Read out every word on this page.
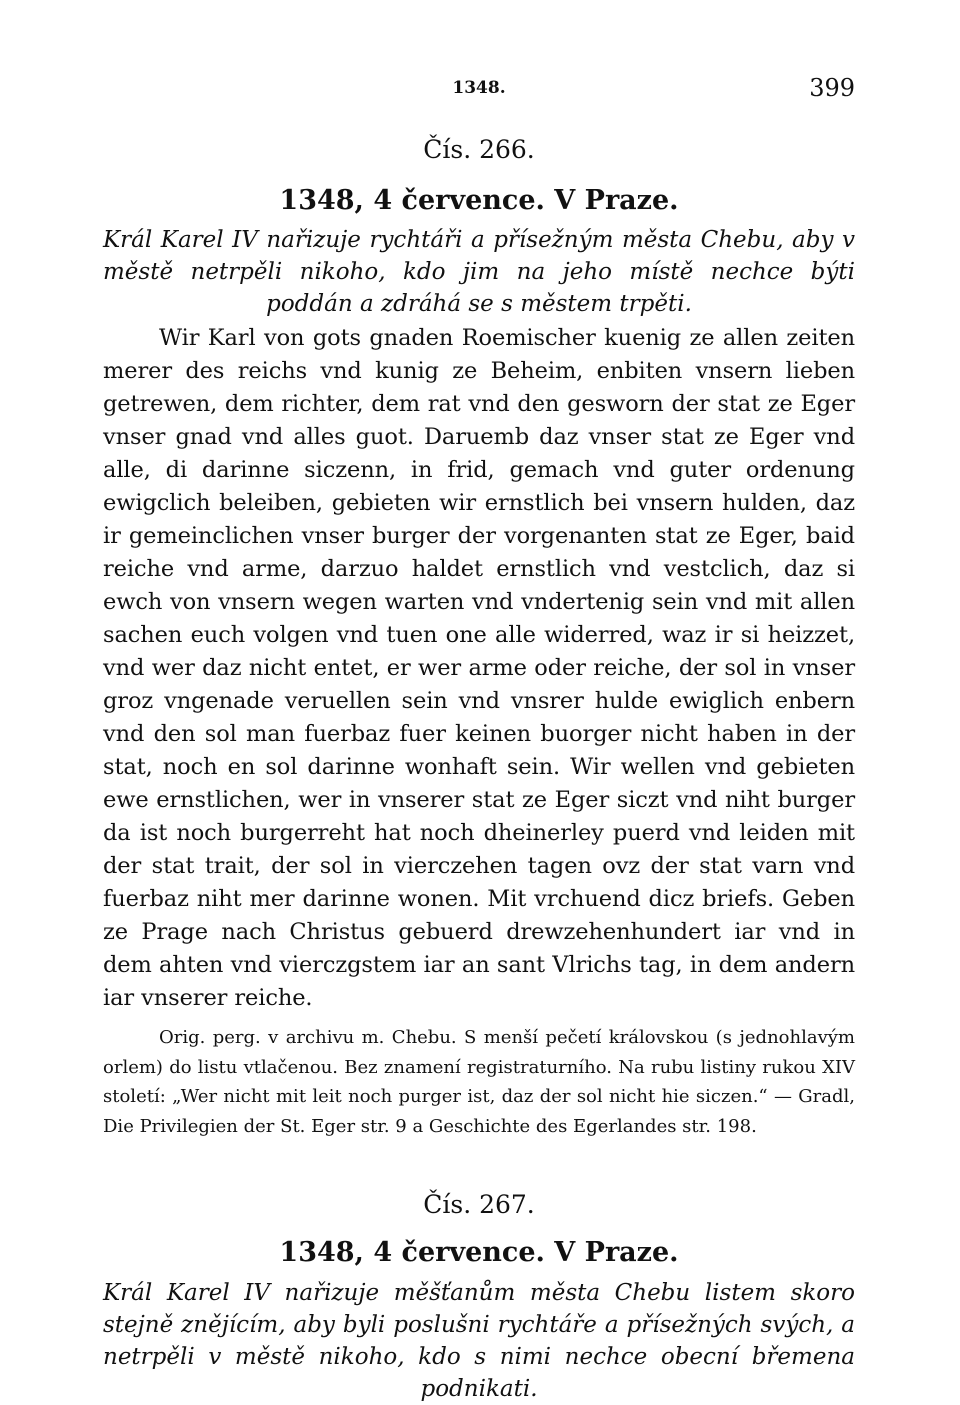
1348.	399
Čís. 266.
1348, 4 července. V Praze.

Král Karel IV nařizuje rychtáři a přísežným města Chebu, aby v městě netrpěli nikoho, kdo jim na jeho místě nechce býti poddán a zdráhá se s městem trpěti.

Wir Karl von gots gnaden Roemischer kuenig ze allen zeiten merer des reichs vnd kunig ze Beheim, enbiten vnsern lieben getrewen, dem richter, dem rat vnd den gesworn der stat ze Eger vnser gnad vnd alles guot. Daruemb daz vnser stat ze Eger vnd alle, di darinne siczenn, in frid, gemach vnd guter ordenung ewigclich beleiben, gebieten wir ernstlich bei vnsern hulden, daz ir gemeinclichen vnser burger der vorgenanten stat ze Eger, baid reiche vnd arme, darzuo haldet ernstlich vnd vestclich, daz si ewch von vnsern wegen warten vnd vndertenig sein vnd mit allen sachen euch volgen vnd tuen one alle widerred, waz ir si heizzet, vnd wer daz nicht entet, er wer arme oder reiche, der sol in vnser groz vngenade veruellen sein vnd vnsrer hulde ewiglich enbern vnd den sol man fuerbaz fuer keinen buorger nicht haben in der stat, noch en sol darinne wonhaft sein. Wir wellen vnd gebieten ewe ernstlichen, wer in vnserer stat ze Eger siczt vnd niht burger da ist noch burgerreht hat noch dheinerley puerd vnd leiden mit der stat trait, der sol in vierczehen tagen ovz der stat varn vnd fuerbaz niht mer darinne wonen. Mit vrchuend dicz briefs. Geben ze Prage nach Christus gebuerd drewzehenhundert iar vnd in dem ahten vnd vierczgstem iar an sant Vlrichs tag, in dem andern iar vnserer reiche.

Orig. perg. v archivu m. Chebu. S menší pečetí královskou (s jednohlavým orlem) do listu vtlačenou. Bez znamení registraturního. Na rubu listiny rukou XIV století: „Wer nicht mit leit noch purger ist, daz der sol nicht hie siczen.“ — Gradl, Die Privilegien der St. Eger str. 9 a Geschichte des Egerlandes str. 198.

Čís. 267.
1348, 4 července. V Praze.

Král Karel IV nařizuje měšťanům města Chebu listem skoro stejně znějícím, aby byli poslušni rychtáře a přísežných svých, a netrpěli v městě nikoho, kdo s nimi nechce obecní břemena podnikati.
